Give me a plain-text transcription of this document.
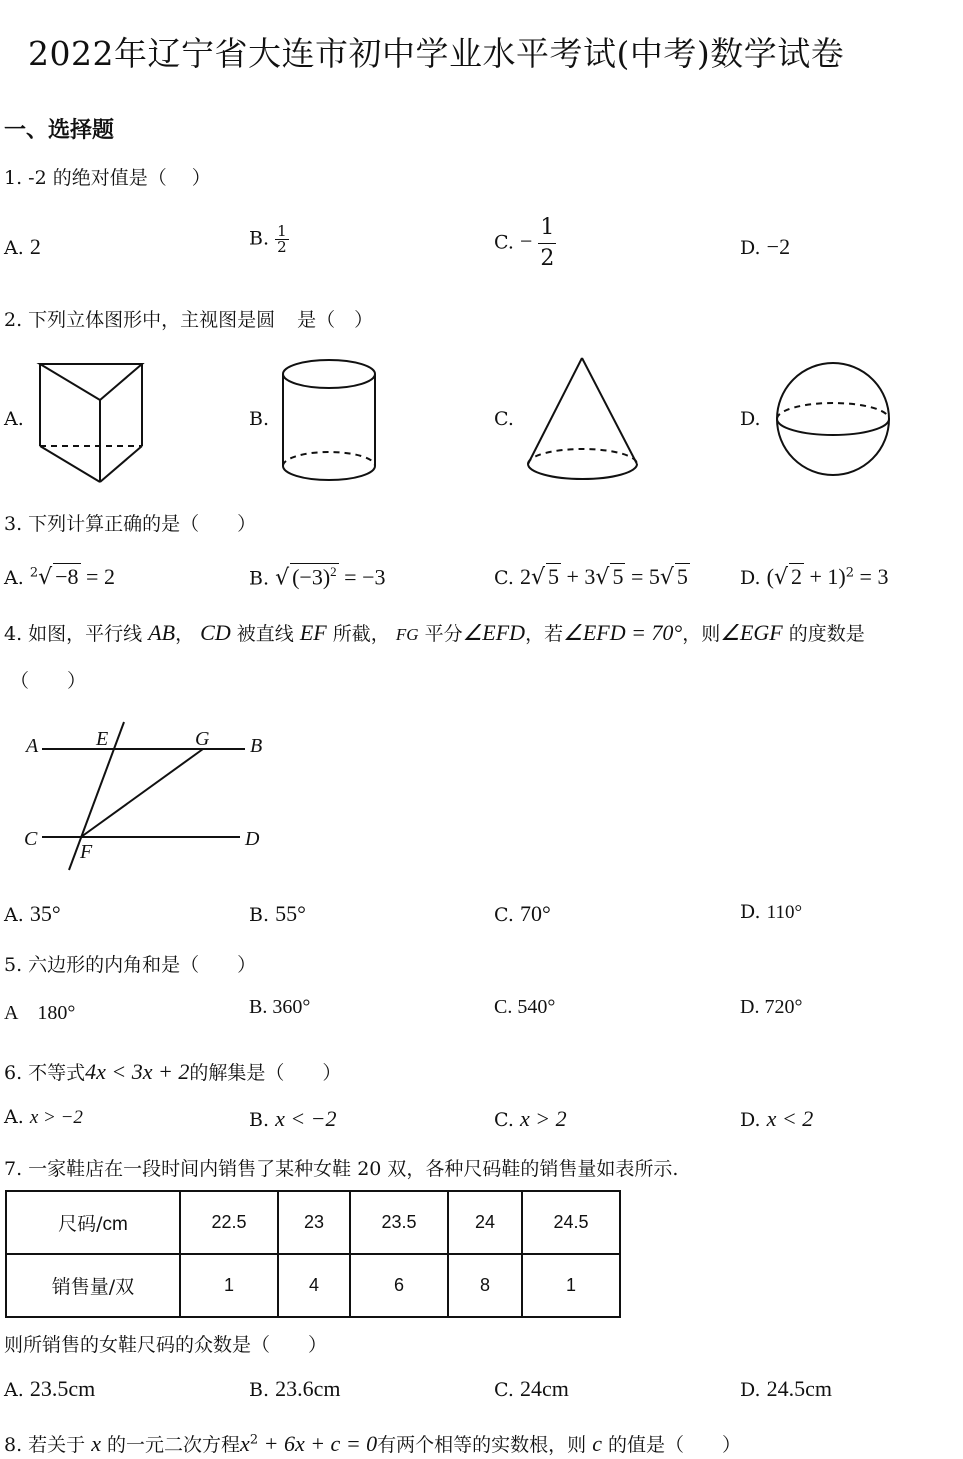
2022年辽宁省大连市初中学业水平考试(中考)数学试卷
一、选择题
1. -2 的绝对值是（　 ）
A. 2	B. $\frac{1}{2}$	C. − $\frac{1}{2}$	D. −2
2. 下列立体图形中，主视图是圆 是（　）
A.	B.	C.	D.
3. 下列计算正确的是（　　）
A. $^2$√ −8 = 2	B. √ $(-3)^2 = -3$	C. 2√ 5 + 3√ 5 = 5√ 5	D. (√ 2 + 1)$^2$ = 3
4. 如图，平行线 AB， CD 被直线 EF 所截， FG 平分∠EFD，若∠EFD = 70°，则∠EGF 的度数是
（　　）
A	E	G B
C
F
D
A. 35°	B. 55°	C. 70°	D. 110°
5. 六边形的内角和是（　　）
A　180°	B. 360°	C. 540°	D. 720°
6. 不等式4x < 3x + 2的解集是（　　）
A. x > −2	B. x < −2	C. x > 2	D. x < 2
7. 一家鞋店在一段时间内销售了某种女鞋 20 双，各种尺码鞋的销售量如表所示.
尺码/cm	22.5	23	23.5	24	24.5
销售量/双	1	4	6	8	1
则所销售的女鞋尺码的众数是（　　）
A. 23.5cm	B. 23.6cm	C. 24cm	D. 24.5cm
8. 若关于 x 的一元二次方程$x^2 + 6x + c = 0$有两个相等的实数根，则 c 的值是（　　）
